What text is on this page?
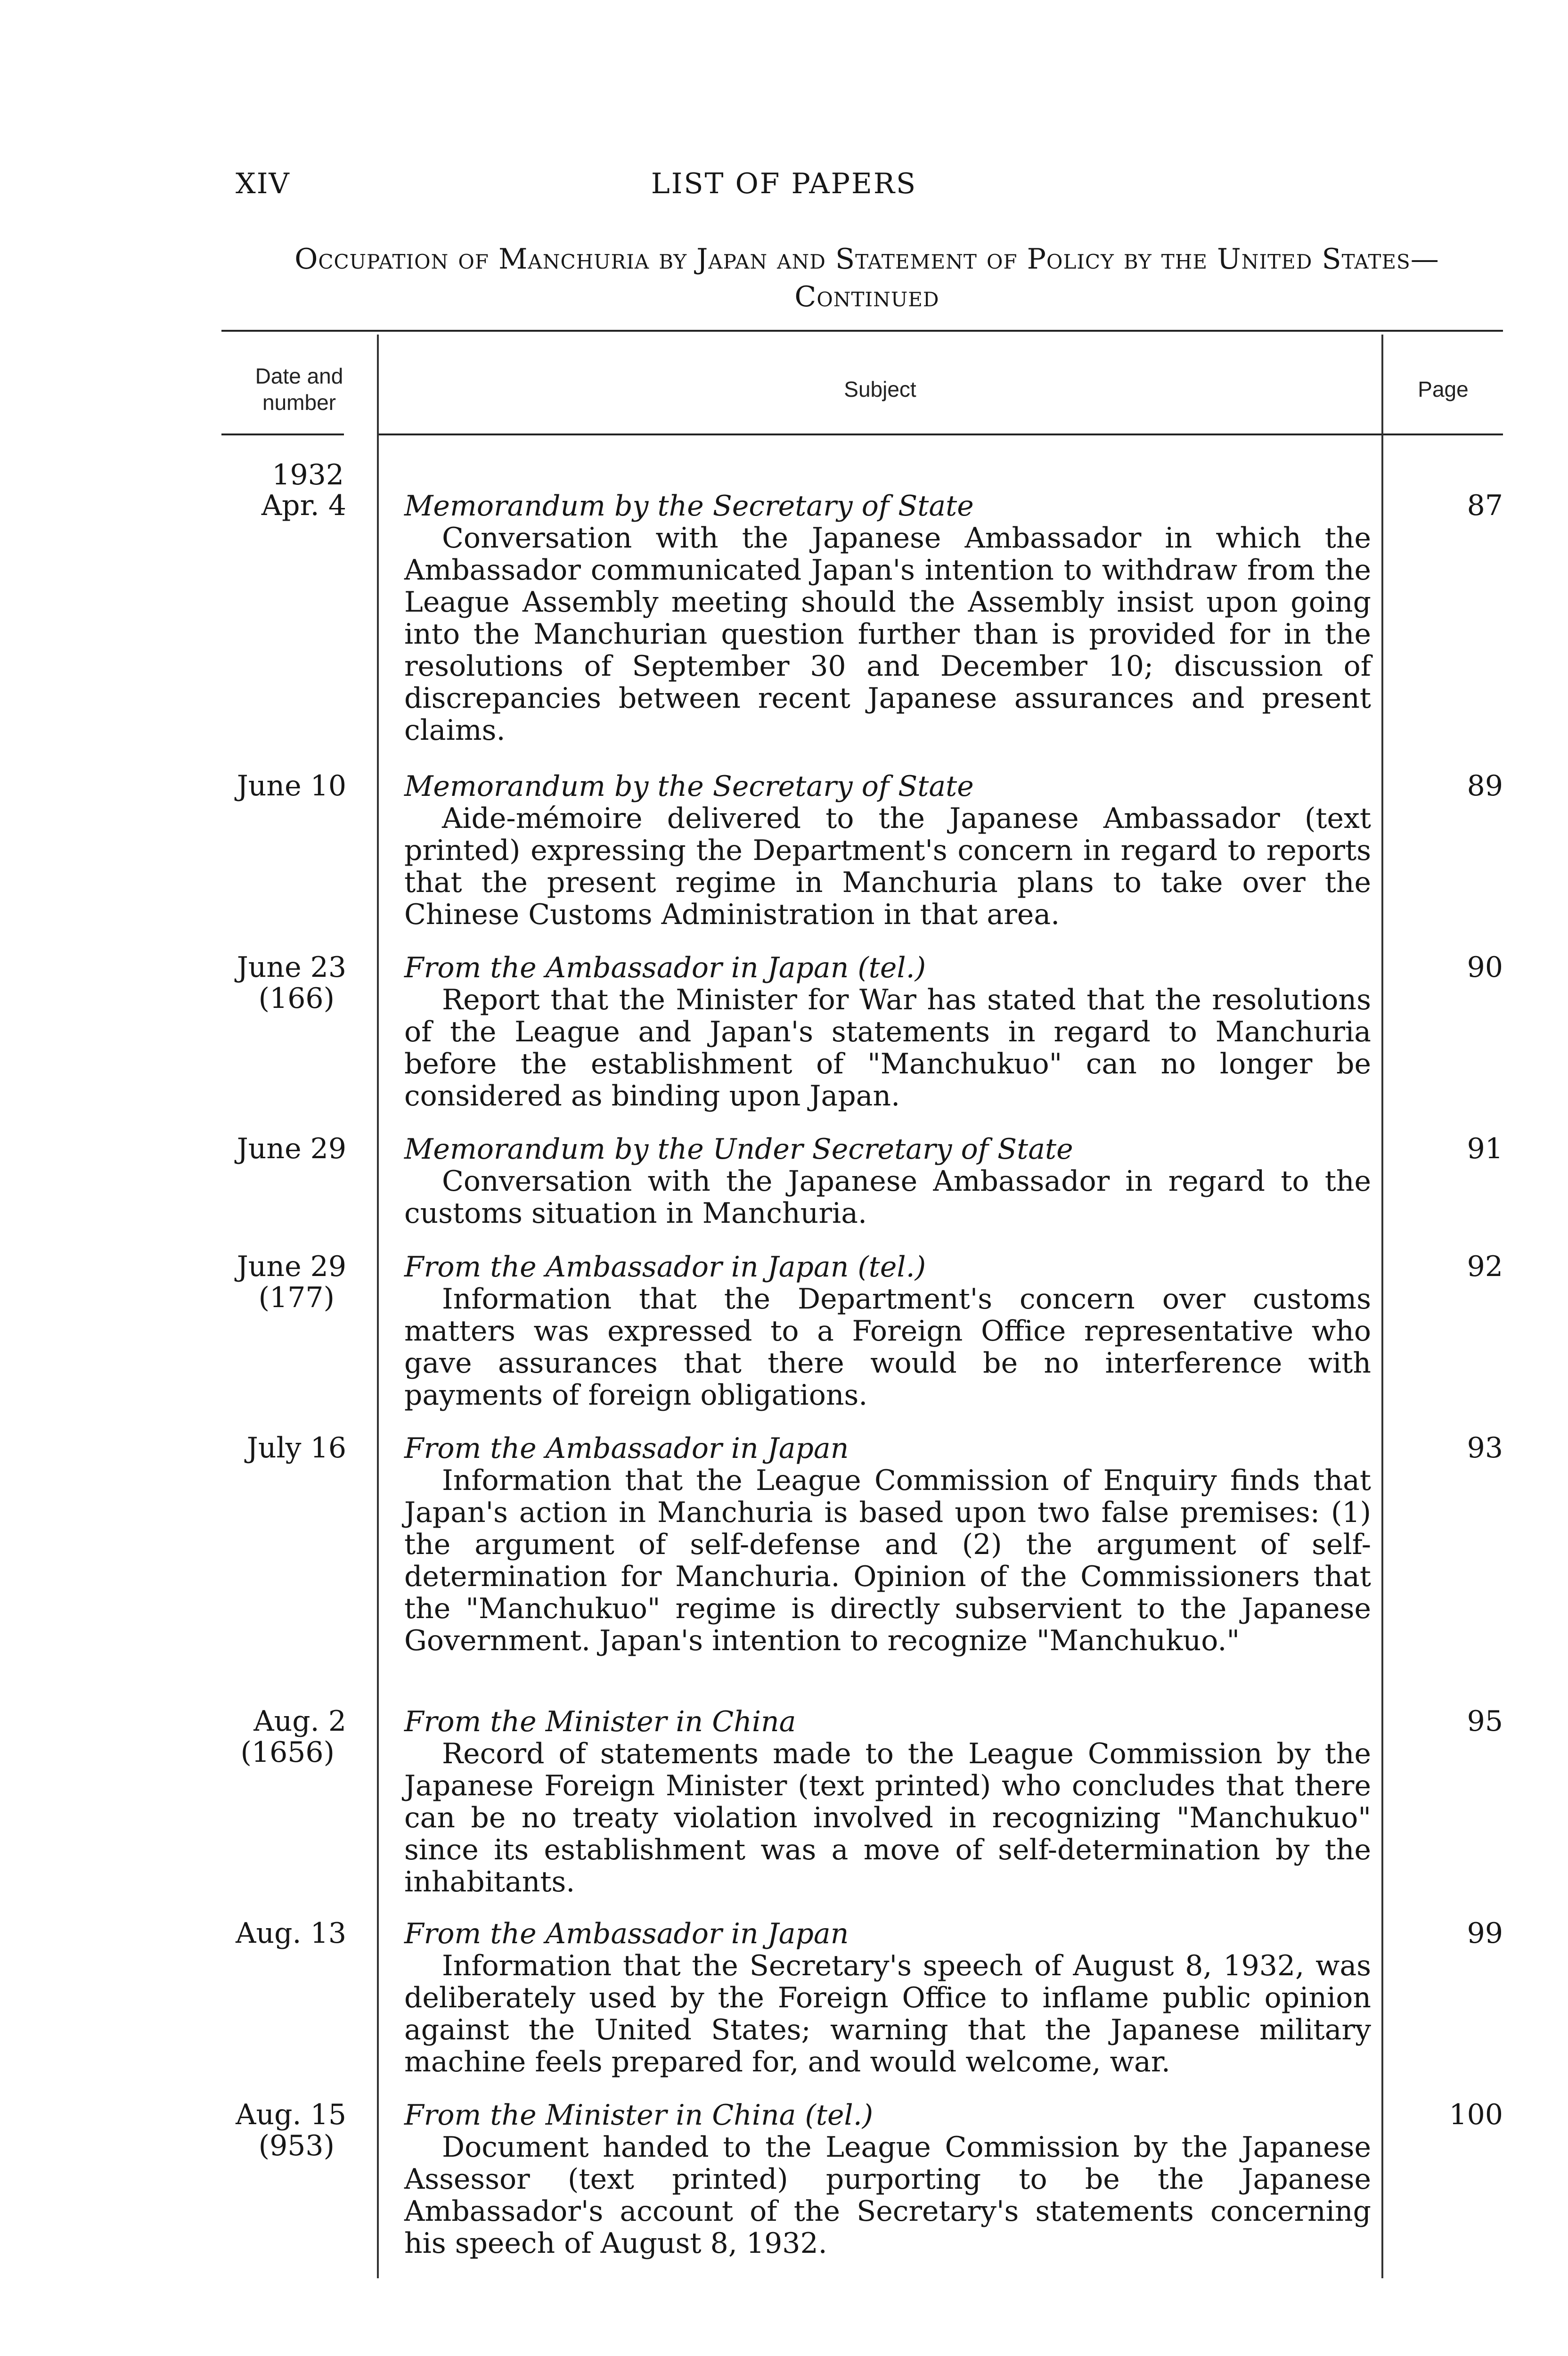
XIV	LIST OF PAPERS
Occupation of Manchuria by Japan and Statement of Policy by the United States—Continued
Date and number
Subject	Page
1932
Apr. 4 Memorandum by the Secretary of State
Conversation with the Japanese Ambassador in which the Ambassador communicated Japan's intention to withdraw from the League Assembly meeting should the Assembly insist upon going into the Manchurian question further than is provided for in the resolutions of September 30 and December 10; discussion of discrepancies between recent Japanese assurances and present claims.
87
June 10 Memorandum by the Secretary of State
Aide-mémoire delivered to the Japanese Ambassador (text printed) expressing the Department's concern in regard to reports that the present regime in Manchuria plans to take over the Chinese Customs Administration in that area.
89
June 23
(166)
From the Ambassador in Japan (tel.)
Report that the Minister for War has stated that the resolutions of the League and Japan's statements in regard to Manchuria before the establishment of "Manchukuo" can no longer be considered as binding upon Japan.
90
June 29 Memorandum by the Under Secretary of State
Conversation with the Japanese Ambassador in regard to the customs situation in Manchuria.
91
June 29
(177)
From the Ambassador in Japan (tel.)
Information that the Department's concern over customs matters was expressed to a Foreign Office representative who gave assurances that there would be no interference with payments of foreign obligations.
92
July 16 From the Ambassador in Japan
Information that the League Commission of Enquiry finds that Japan's action in Manchuria is based upon two false premises: (1) the argument of self-defense and (2) the argument of self-determination for Manchuria. Opinion of the Commissioners that the "Manchukuo" regime is directly subservient to the Japanese Government. Japan's intention to recognize "Manchukuo."
93
Aug. 2
(1656)
From the Minister in China
Record of statements made to the League Commission by the Japanese Foreign Minister (text printed) who concludes that there can be no treaty violation involved in recognizing "Manchukuo" since its establishment was a move of self-determination by the inhabitants.
95
Aug. 13 From the Ambassador in Japan
Information that the Secretary's speech of August 8, 1932, was deliberately used by the Foreign Office to inflame public opinion against the United States; warning that the Japanese military machine feels prepared for, and would welcome, war.
99
Aug. 15
(953)
From the Minister in China (tel.)
Document handed to the League Commission by the Japanese Assessor (text printed) purporting to be the Japanese Ambassador's account of the Secretary's statements concerning his speech of August 8, 1932.
100
